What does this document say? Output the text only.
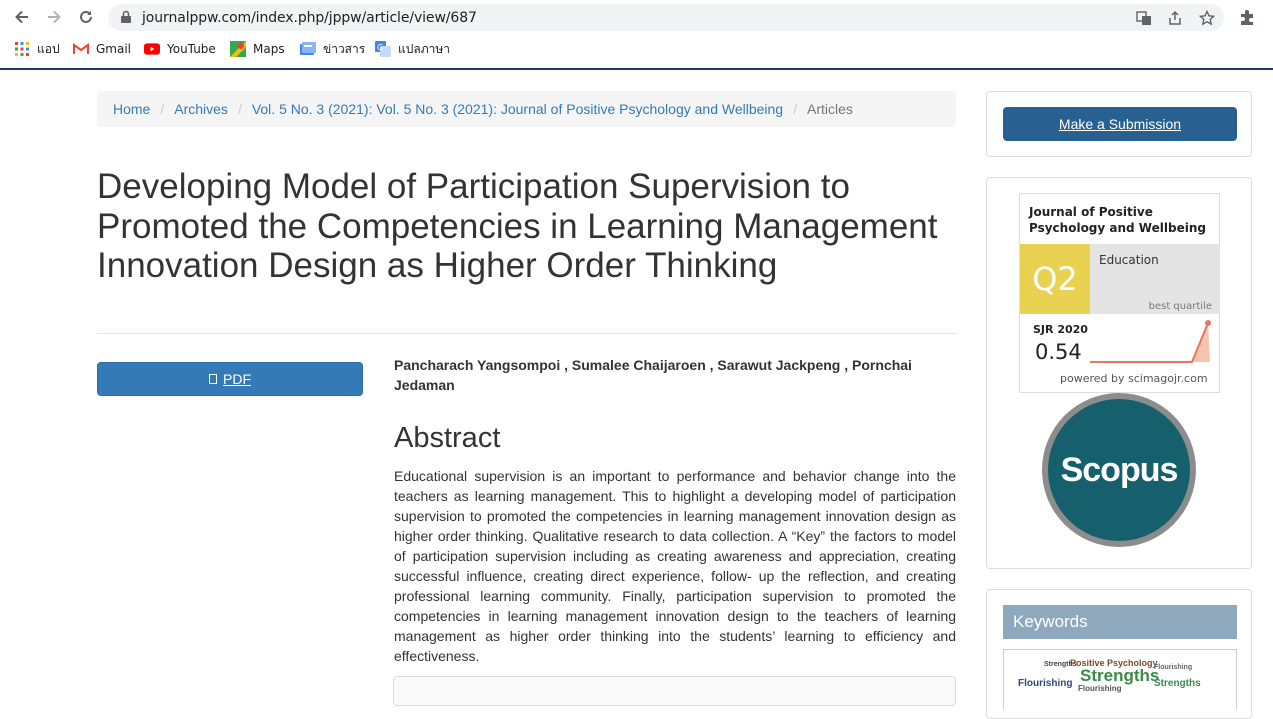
journalppw.com/index.php/jppw/article/view/687
แอป	Gmail	YouTube	Maps	ข่าวสาร G แปลภาษา
Home / Archives / Vol. 5 No. 3 (2021): Vol. 5 No. 3 (2021): Journal of Positive Psychology and Wellbeing / Articles
Developing Model of Participation Supervision to Promoted the Competencies in Learning Management Innovation Design as Higher Order Thinking
PDF
Pancharach Yangsompoi , Sumalee Chaijaroen , Sarawut Jackpeng , Pornchai Jedaman
Abstract

Educational supervision is an important to performance and behavior change into the teachers as learning management. This to highlight a developing model of participation supervision to promoted the competencies in learning management innovation design as higher order thinking. Qualitative research to data collection. A “Key” the factors to model of participation supervision including as creating awareness and appreciation, creating successful influence, creating direct experience, follow- up the reflection, and creating professional learning community. Finally, participation supervision to promoted the competencies in learning management innovation design to the teachers of learning management as higher order thinking into the students’ learning to efficiency and effectiveness.

Make a Submission
Journal of Positive Psychology and Wellbeing
Q2	Education
best quartile
SJR 2020
0.54
powered by scimagojr.com
Scopus
Keywords
Positive Psychology
Strengths
Strengths
Flourishing
Flourishing	Strengths
Flourishing
